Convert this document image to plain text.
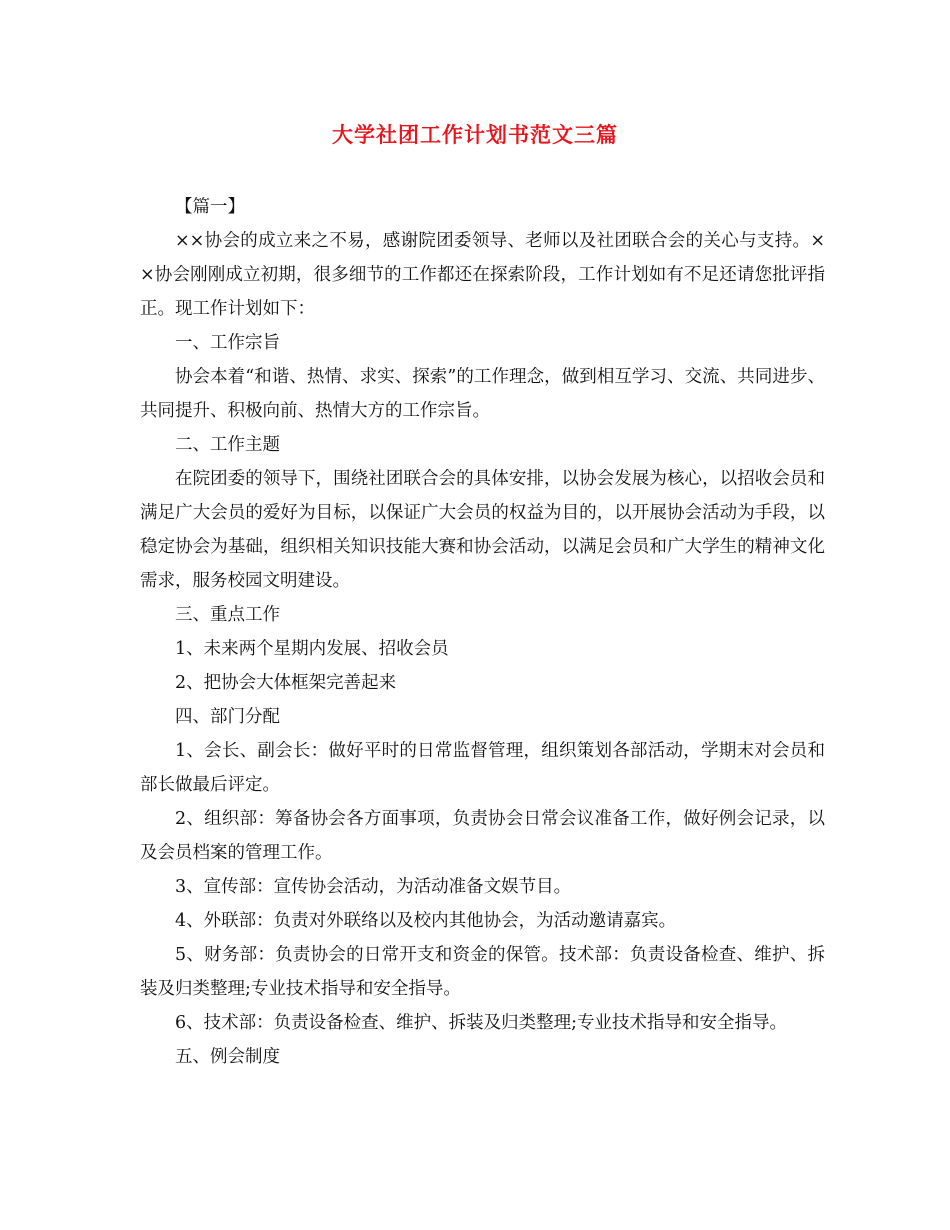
大学社团工作计划书范文三篇

【篇一】

××协会的成立来之不易，感谢院团委领导、老师以及社团联合会的关心与支持。××协会刚刚成立初期，很多细节的工作都还在探索阶段，工作计划如有不足还请您批评指正。现工作计划如下：

一、工作宗旨

协会本着“和谐、热情、求实、探索”的工作理念，做到相互学习、交流、共同进步、共同提升、积极向前、热情大方的工作宗旨。

二、工作主题

在院团委的领导下，围绕社团联合会的具体安排，以协会发展为核心，以招收会员和满足广大会员的爱好为目标，以保证广大会员的权益为目的，以开展协会活动为手段，以稳定协会为基础，组织相关知识技能大赛和协会活动，以满足会员和广大学生的精神文化需求，服务校园文明建设。

三、重点工作

1、未来两个星期内发展、招收会员

2、把协会大体框架完善起来

四、部门分配

1、会长、副会长：做好平时的日常监督管理，组织策划各部活动，学期末对会员和部长做最后评定。

2、组织部：筹备协会各方面事项，负责协会日常会议准备工作，做好例会记录，以及会员档案的管理工作。

3、宣传部：宣传协会活动，为活动准备文娱节目。

4、外联部：负责对外联络以及校内其他协会，为活动邀请嘉宾。

5、财务部：负责协会的日常开支和资金的保管。技术部：负责设备检查、维护、拆装及归类整理;专业技术指导和安全指导。

6、技术部：负责设备检查、维护、拆装及归类整理;专业技术指导和安全指导。

五、例会制度
